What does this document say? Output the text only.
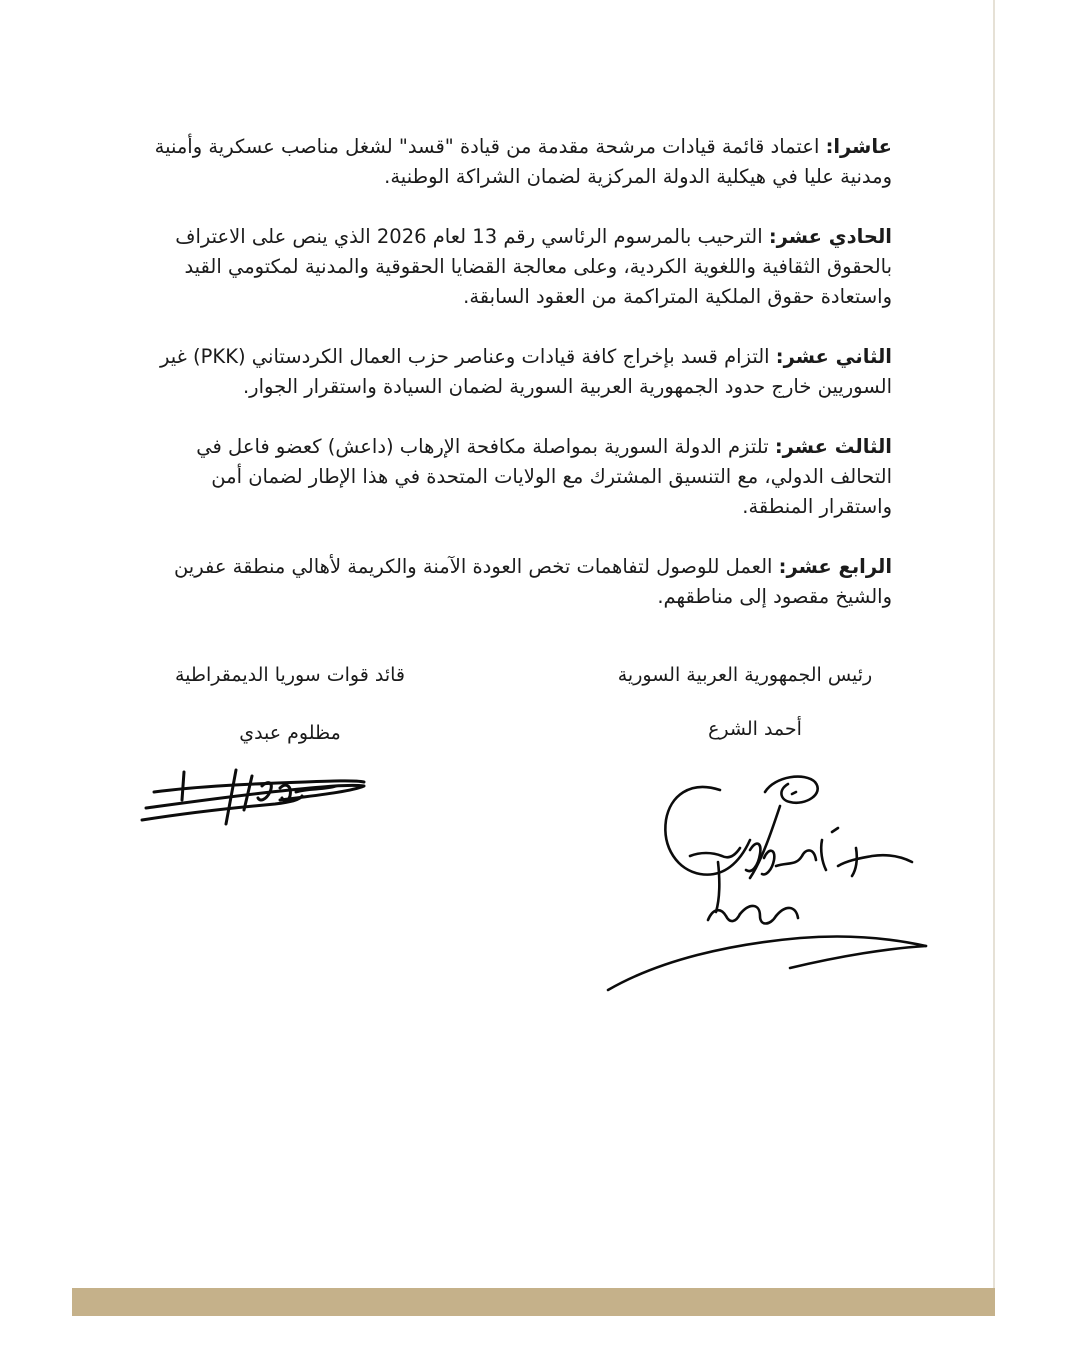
عاشرا: اعتماد قائمة قيادات مرشحة مقدمة من قيادة "قسد" لشغل مناصب عسكرية وأمنية ومدنية عليا في هيكلية الدولة المركزية لضمان الشراكة الوطنية.

الحادي عشر: الترحيب بالمرسوم الرئاسي رقم 13 لعام 2026 الذي ينص على الاعتراف بالحقوق الثقافية واللغوية الكردية، وعلى معالجة القضايا الحقوقية والمدنية لمكتومي القيد واستعادة حقوق الملكية المتراكمة من العقود السابقة.

الثاني عشر: التزام قسد بإخراج كافة قيادات وعناصر حزب العمال الكردستاني (PKK) غير السوريين خارج حدود الجمهورية العربية السورية لضمان السيادة واستقرار الجوار.

الثالث عشر: تلتزم الدولة السورية بمواصلة مكافحة الإرهاب (داعش) كعضو فاعل في التحالف الدولي، مع التنسيق المشترك مع الولايات المتحدة في هذا الإطار لضمان أمن واستقرار المنطقة.

الرابع عشر: العمل للوصول لتفاهمات تخص العودة الآمنة والكريمة لأهالي منطقة عفرين والشيخ مقصود إلى مناطقهم.

قائد قوات سوريا الديمقراطية
مظلوم عبدي
رئيس الجمهورية العربية السورية
أحمد الشرع
